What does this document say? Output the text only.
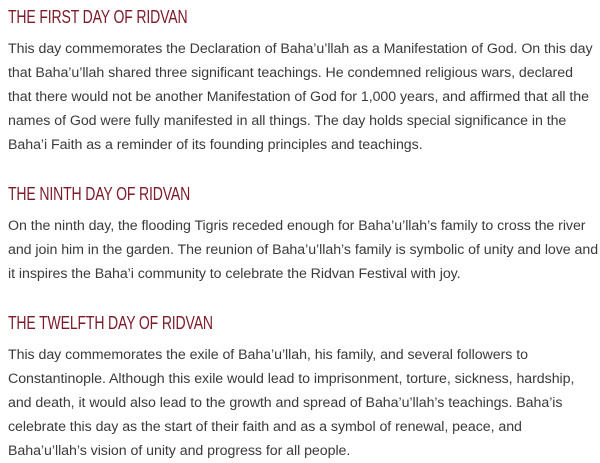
THE FIRST DAY OF RIDVAN

This day commemorates the Declaration of Baha’u’llah as a Manifestation of God. On this day that Baha’u’llah shared three significant teachings. He condemned religious wars, declared that there would not be another Manifestation of God for 1,000 years, and affirmed that all the names of God were fully manifested in all things. The day holds special significance in the Baha’i Faith as a reminder of its founding principles and teachings.

THE NINTH DAY OF RIDVAN

On the ninth day, the flooding Tigris receded enough for Baha’u’llah’s family to cross the river and join him in the garden. The reunion of Baha’u’llah’s family is symbolic of unity and love and it inspires the Baha’i community to celebrate the Ridvan Festival with joy.

THE TWELFTH DAY OF RIDVAN

This day commemorates the exile of Baha’u’llah, his family, and several followers to Constantinople. Although this exile would lead to imprisonment, torture, sickness, hardship, and death, it would also lead to the growth and spread of Baha’u’llah’s teachings. Baha’is celebrate this day as the start of their faith and as a symbol of renewal, peace, and Baha’u’llah’s vision of unity and progress for all people.
